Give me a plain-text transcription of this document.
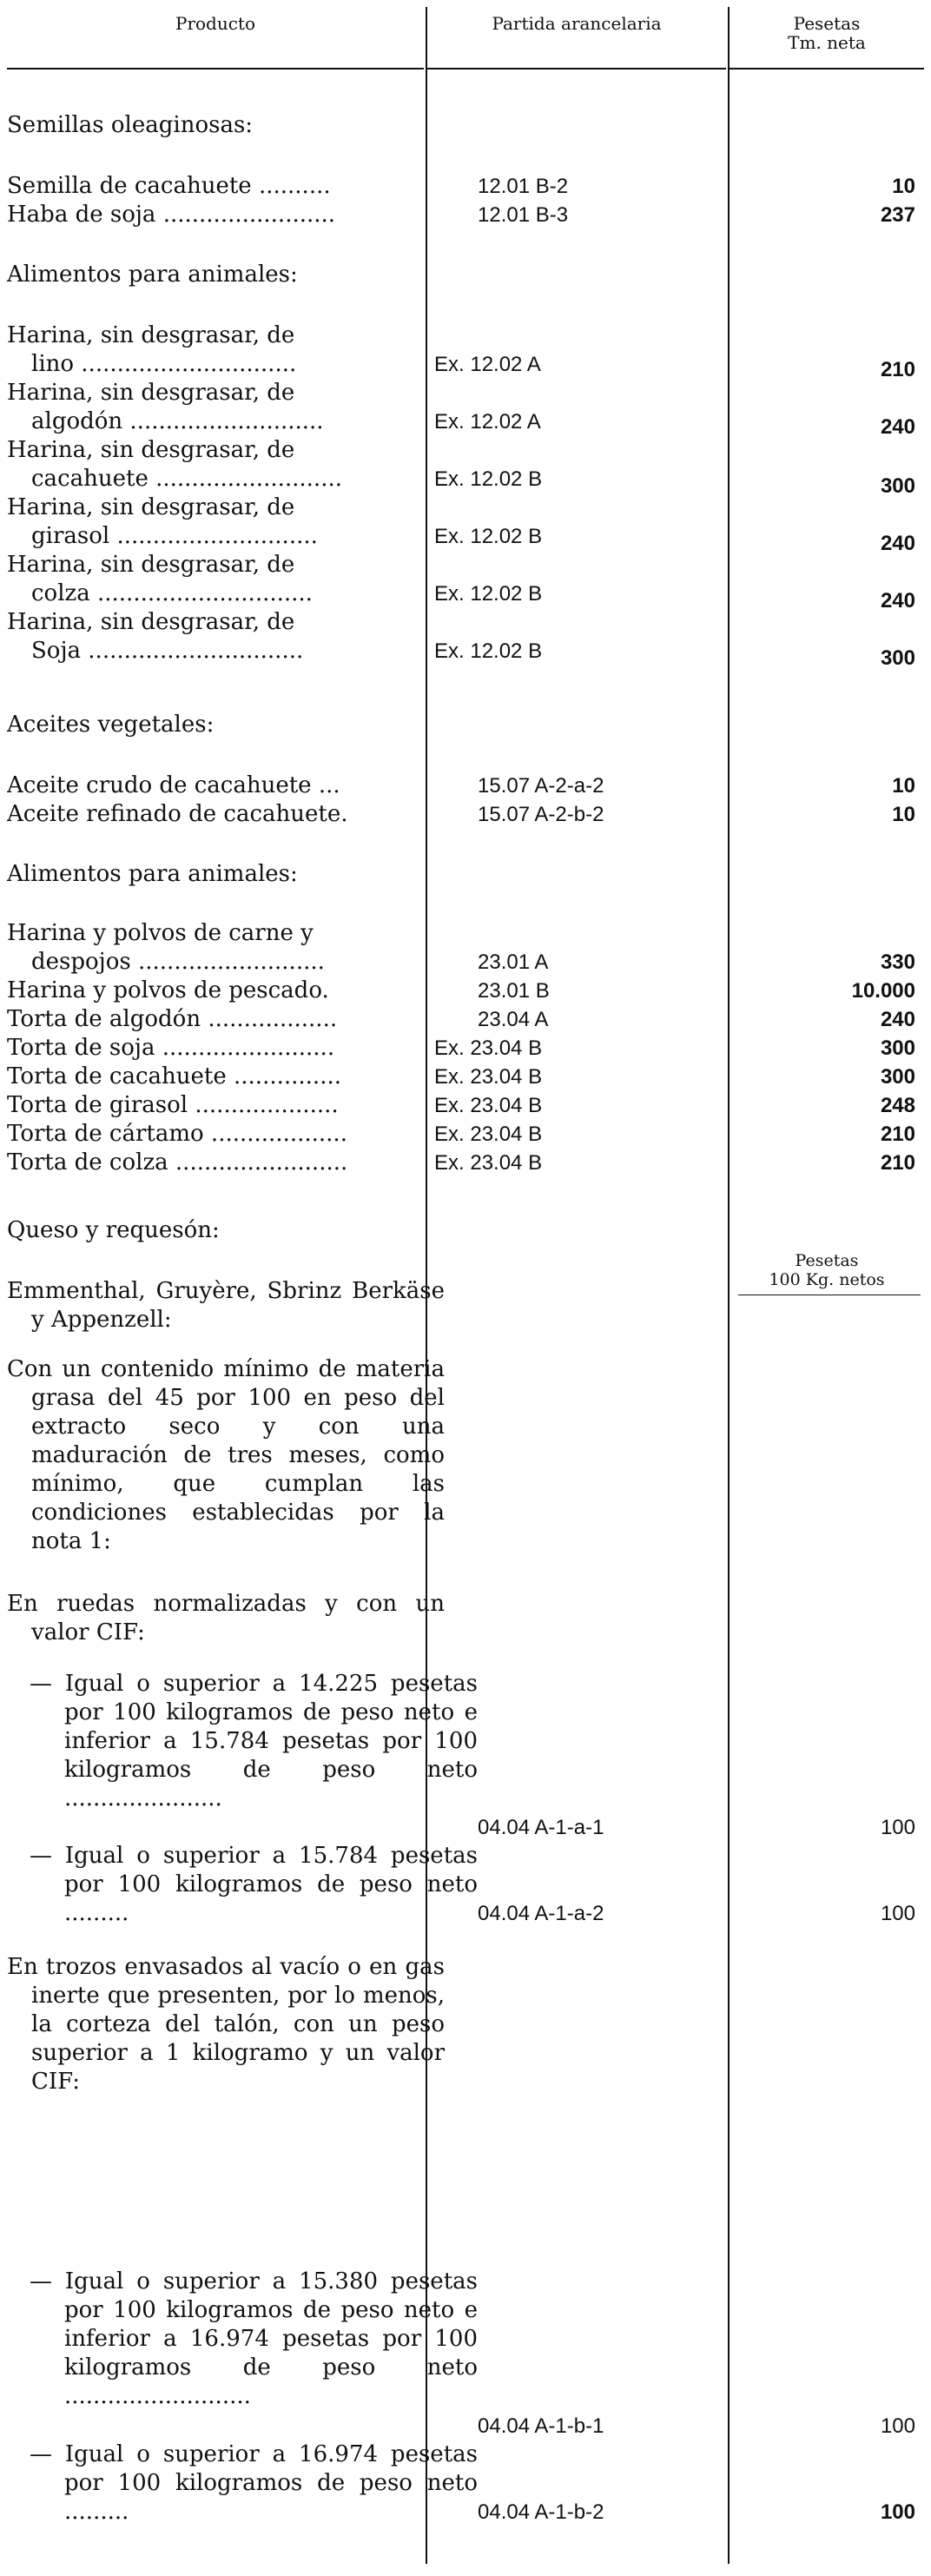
Producto	Partida arancelaria	Pesetas
Tm. neta
Semillas oleaginosas:
Semilla de cacahuete ..........	12.01 B-2	10
Haba de soja ........................	12.01 B-3	237
Alimentos para animales:
Harina, sin desgrasar, de
lino ..............................	Ex. 12.02 A	210
Harina, sin desgrasar, de
algodón ...........................	Ex. 12.02 A	240
Harina, sin desgrasar, de
cacahuete ..........................	Ex. 12.02 B	300
Harina, sin desgrasar, de
girasol ............................	Ex. 12.02 B	240
Harina, sin desgrasar, de
colza ..............................	Ex. 12.02 B	240
Harina, sin desgrasar, de
Soja ..............................	Ex. 12.02 B	300
Aceites vegetales:
Aceite crudo de cacahuete ...	15.07 A-2-a-2	10
Aceite refinado de cacahuete.	15.07 A-2-b-2	10
Alimentos para animales:
Harina y polvos de carne y
despojos ..........................	23.01 A	330
Harina y polvos de pescado.	23.01 B	10.000
Torta de algodón ..................	23.04 A	240
Torta de soja ........................	Ex. 23.04 B	300
Torta de cacahuete ...............	Ex. 23.04 B	300
Torta de girasol ....................	Ex. 23.04 B	248
Torta de cártamo ...................	Ex. 23.04 B	210
Torta de colza ........................	Ex. 23.04 B	210
Queso y requesón:
Pesetas
100 Kg. netos
Emmenthal, Gruyère, Sbrinz Berkäse y Appenzell:
Con un contenido mínimo de materia grasa del 45 por 100 en peso del extracto seco y con una maduración de tres meses, como mínimo, que cumplan las condiciones establecidas por la nota 1:
En ruedas normalizadas y con un valor CIF:
— Igual o superior a 14.225 pesetas por 100 kilogramos de peso neto e inferior a 15.784 pesetas por 100 kilogramos de peso neto ......................
04.04 A-1-a-1	100
— Igual o superior a 15.784 pesetas por 100 kilogramos de peso neto .........	04.04 A-1-a-2	100
En trozos envasados al vacío o en gas inerte que presenten, por lo menos, la corteza del talón, con un peso superior a 1 kilogramo y un valor CIF:
— Igual o superior a 15.380 pesetas por 100 kilogramos de peso neto e inferior a 16.974 pesetas por 100 kilogramos de peso neto ..........................
04.04 A-1-b-1	100
— Igual o superior a 16.974 pesetas por 100 kilogramos de peso neto .........	04.04 A-1-b-2	100
